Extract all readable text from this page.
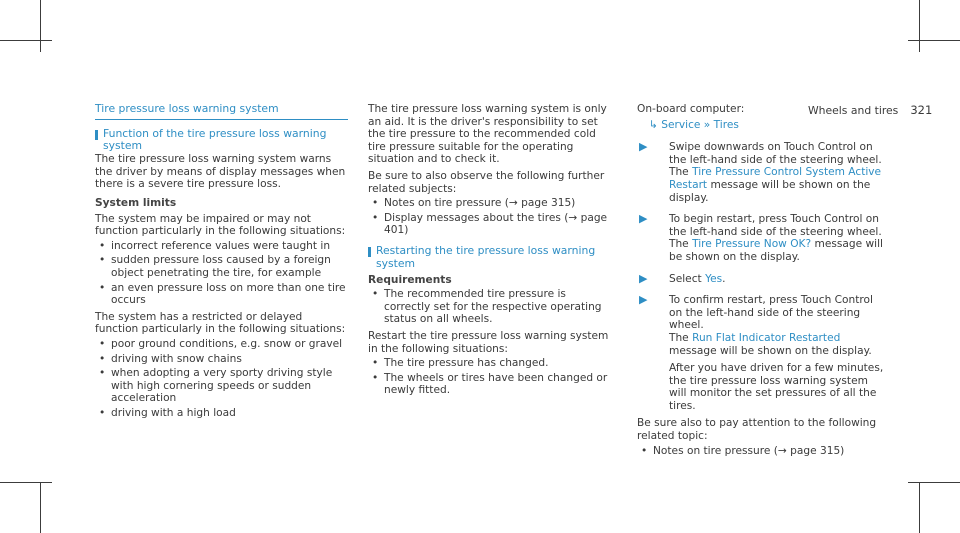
Wheels and tires 321
Tire pressure loss warning system
Function of the tire pressure loss warning system

The tire pressure loss warning system warns the driver by means of display messages when there is a severe tire pressure loss.

System limits

The system may be impaired or may not function particularly in the following situations:

• incorrect reference values were taught in
• sudden pressure loss caused by a foreign object penetrating the tire, for example
• an even pressure loss on more than one tire occurs

The system has a restricted or delayed function particularly in the following situations:

• poor ground conditions, e.g. snow or gravel
• driving with snow chains
• when adopting a very sporty driving style with high cornering speeds or sudden acceleration
• driving with a high load

The tire pressure loss warning system is only an aid. It is the driver's responsibility to set the tire pressure to the recommended cold tire pressure suitable for the operating situation and to check it.

Be sure to also observe the following further related subjects:

• Notes on tire pressure (→ page 315)
• Display messages about the tires (→ page 401)
Restarting the tire pressure loss warning system

Requirements

• The recommended tire pressure is correctly set for the respective operating status on all wheels.

Restart the tire pressure loss warning system in the following situations:

• The tire pressure has changed.
• The wheels or tires have been changed or newly fitted.

On-board computer:

↳ Service » Tires
▶ Swipe downwards on Touch Control on the left-hand side of the steering wheel.
The Tire Pressure Control System Active Restart message will be shown on the display.
▶ To begin restart, press Touch Control on the left-hand side of the steering wheel.
The Tire Pressure Now OK? message will be shown on the display.
▶ Select Yes.
▶ To confirm restart, press Touch Control on the left-hand side of the steering wheel.
The Run Flat Indicator Restarted message will be shown on the display.
After you have driven for a few minutes, the tire pressure loss warning system will monitor the set pressures of all the tires.

Be sure also to pay attention to the following related topic:

• Notes on tire pressure (→ page 315)
